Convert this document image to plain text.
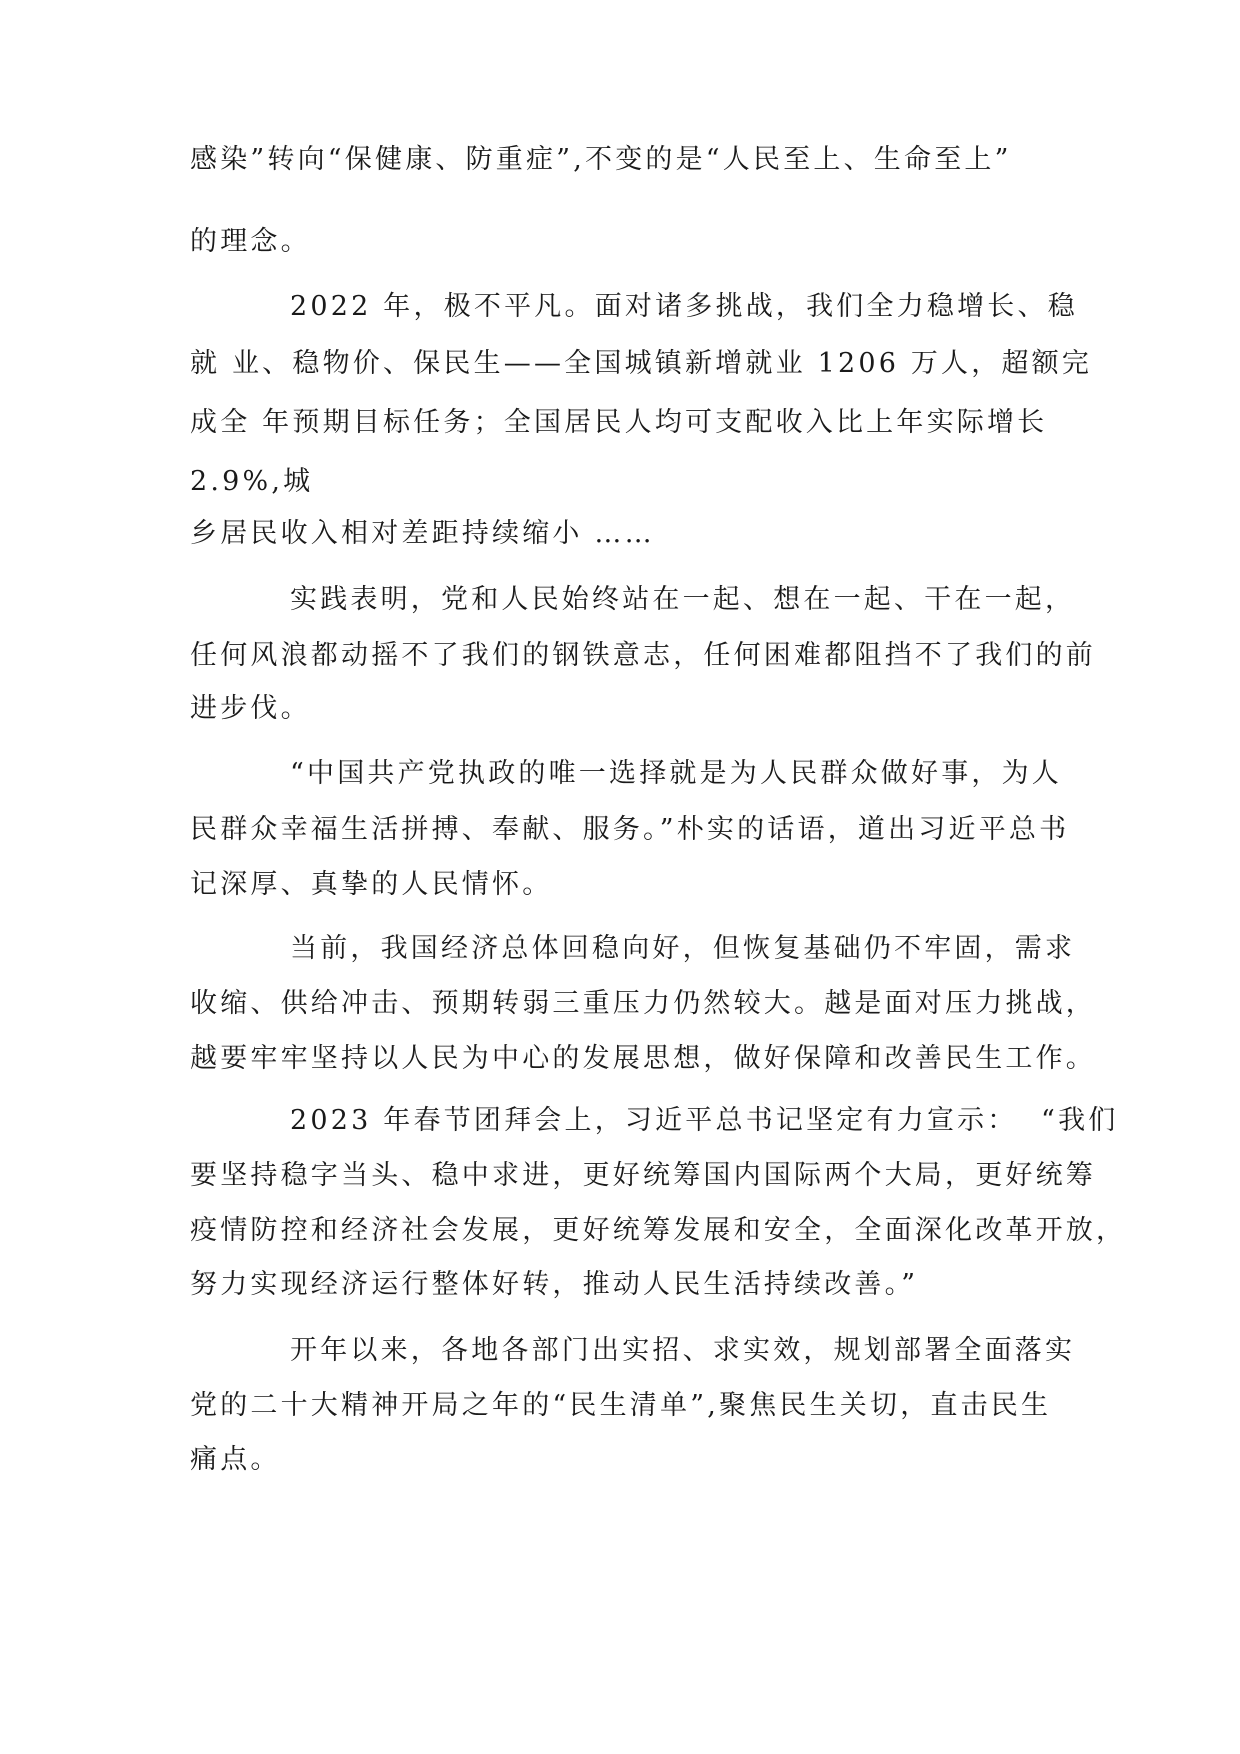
感染”转向“保健康、防重症”,不变的是“人民至上、生命至上”
的理念。
2022 年，极不平凡。面对诸多挑战，我们全力稳增长、稳
就 业、稳物价、保民生——全国城镇新增就业 1206 万人，超额完
成全 年预期目标任务；全国居民人均可支配收入比上年实际增长
2.9%,城
乡居民收入相对差距持续缩小 ……
实践表明，党和人民始终站在一起、想在一起、干在一起，
任何风浪都动摇不了我们的钢铁意志，任何困难都阻挡不了我们的前
进步伐。
“中国共产党执政的唯一选择就是为人民群众做好事，为人
民群众幸福生活拼搏、奉献、服务。”朴实的话语，道出习近平总书
记深厚、真挚的人民情怀。
当前，我国经济总体回稳向好，但恢复基础仍不牢固，需求
收缩、供给冲击、预期转弱三重压力仍然较大。越是面对压力挑战，
越要牢牢坚持以人民为中心的发展思想，做好保障和改善民生工作。
2023 年春节团拜会上，习近平总书记坚定有力宣示：  “我们
要坚持稳字当头、稳中求进，更好统筹国内国际两个大局，更好统筹
疫情防控和经济社会发展，更好统筹发展和安全，全面深化改革开放，
努力实现经济运行整体好转，推动人民生活持续改善。”
开年以来，各地各部门出实招、求实效，规划部署全面落实
党的二十大精神开局之年的“民生清单”,聚焦民生关切，直击民生
痛点。
